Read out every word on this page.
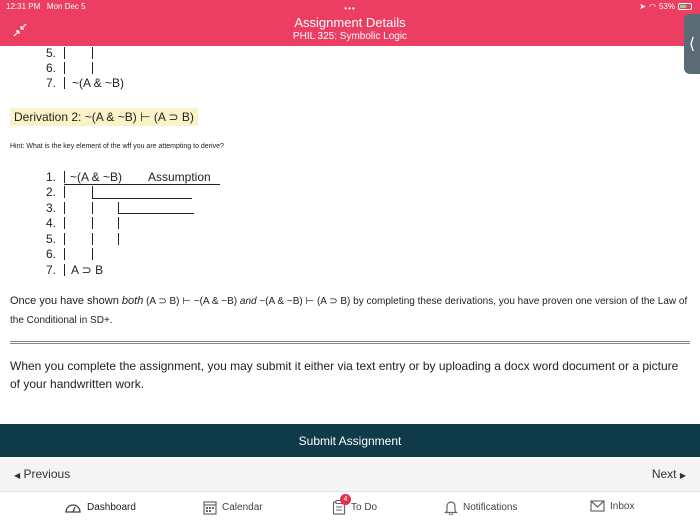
12:31 PM Mon Dec 5	•••	➤ ◠ 53%
Assignment Details
PHIL 325: Symbolic Logic	⟨
5.
6.
7. ~(A & ~B)
Derivation 2: ~(A & ~B) ⊢ (A ⊃ B)
Hint: What is the key element of the wff you are attempting to derive?
1. ~(A & ~B) Assumption
2.
3.
4.
5.
6.
7. A ⊃ B
Once you have shown both (A ⊃ B) ⊢ ~(A & ~B) and ~(A & ~B) ⊢ (A ⊃ B) by completing these derivations, you have proven one version of the Law of the Conditional in SD+.
When you complete the assignment, you may submit it either via text entry or by uploading a docx word document or a picture of your handwritten work.
Submit Assignment
◀ Previous	Next ▶
Dashboard	Calendar
4
To Do	Notifications	Inbox
